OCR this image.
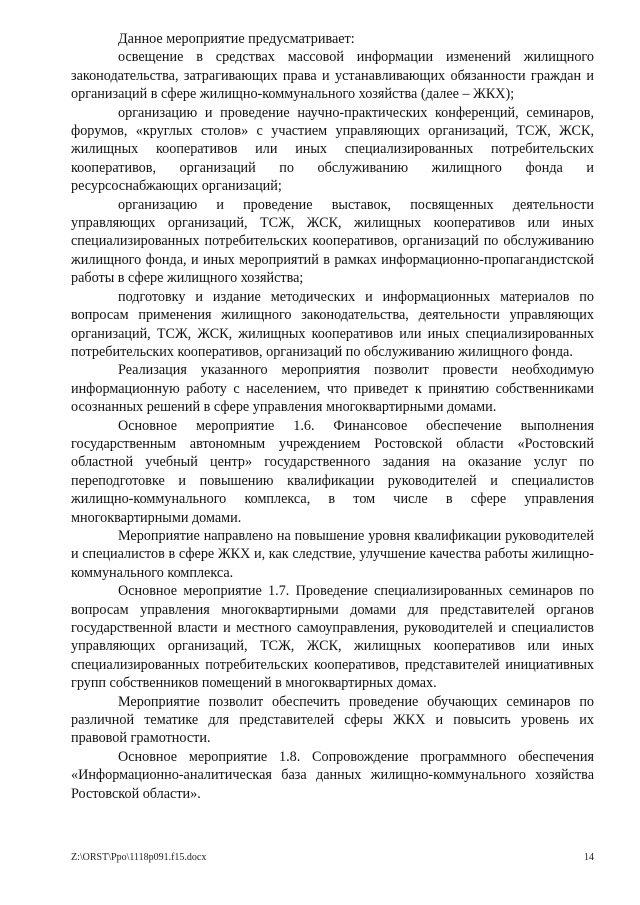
Данное мероприятие предусматривает:

освещение в средствах массовой информации изменений жилищного законодательства, затрагивающих права и устанавливающих обязанности граждан и организаций в сфере жилищно-коммунального хозяйства (далее – ЖКХ);

организацию и проведение научно-практических конференций, семинаров, форумов, «круглых столов» с участием управляющих организаций, ТСЖ, ЖСК, жилищных кооперативов или иных специализированных потребительских кооперативов, организаций по обслуживанию жилищного фонда и ресурсоснабжающих организаций;

организацию и проведение выставок, посвященных деятельности управляющих организаций, ТСЖ, ЖСК, жилищных кооперативов или иных специализированных потребительских кооперативов, организаций по обслуживанию жилищного фонда, и иных мероприятий в рамках информационно-пропагандистской работы в сфере жилищного хозяйства;

подготовку и издание методических и информационных материалов по вопросам применения жилищного законодательства, деятельности управляющих организаций, ТСЖ, ЖСК, жилищных кооперативов или иных специализированных потребительских кооперативов, организаций по обслуживанию жилищного фонда.

Реализация указанного мероприятия позволит провести необходимую информационную работу с населением, что приведет к принятию собственниками осознанных решений в сфере управления многоквартирными домами.

Основное мероприятие 1.6. Финансовое обеспечение выполнения государственным автономным учреждением Ростовской области «Ростовский областной учебный центр» государственного задания на оказание услуг по переподготовке и повышению квалификации руководителей и специалистов жилищно-коммунального комплекса, в том числе в сфере управления многоквартирными домами.

Мероприятие направлено на повышение уровня квалификации руководителей и специалистов в сфере ЖКХ и, как следствие, улучшение качества работы жилищно-коммунального комплекса.

Основное мероприятие 1.7. Проведение специализированных семинаров по вопросам управления многоквартирными домами для представителей органов государственной власти и местного самоуправления, руководителей и специалистов управляющих организаций, ТСЖ, ЖСК, жилищных кооперативов или иных специализированных потребительских кооперативов, представителей инициативных групп собственников помещений в многоквартирных домах.

Мероприятие позволит обеспечить проведение обучающих семинаров по различной тематике для представителей сферы ЖКХ и повысить уровень их правовой грамотности.

Основное мероприятие 1.8. Сопровождение программного обеспечения «Информационно-аналитическая база данных жилищно-коммунального хозяйства Ростовской области».

Z:\ORST\Ppo\1118p091.f15.docx	14
